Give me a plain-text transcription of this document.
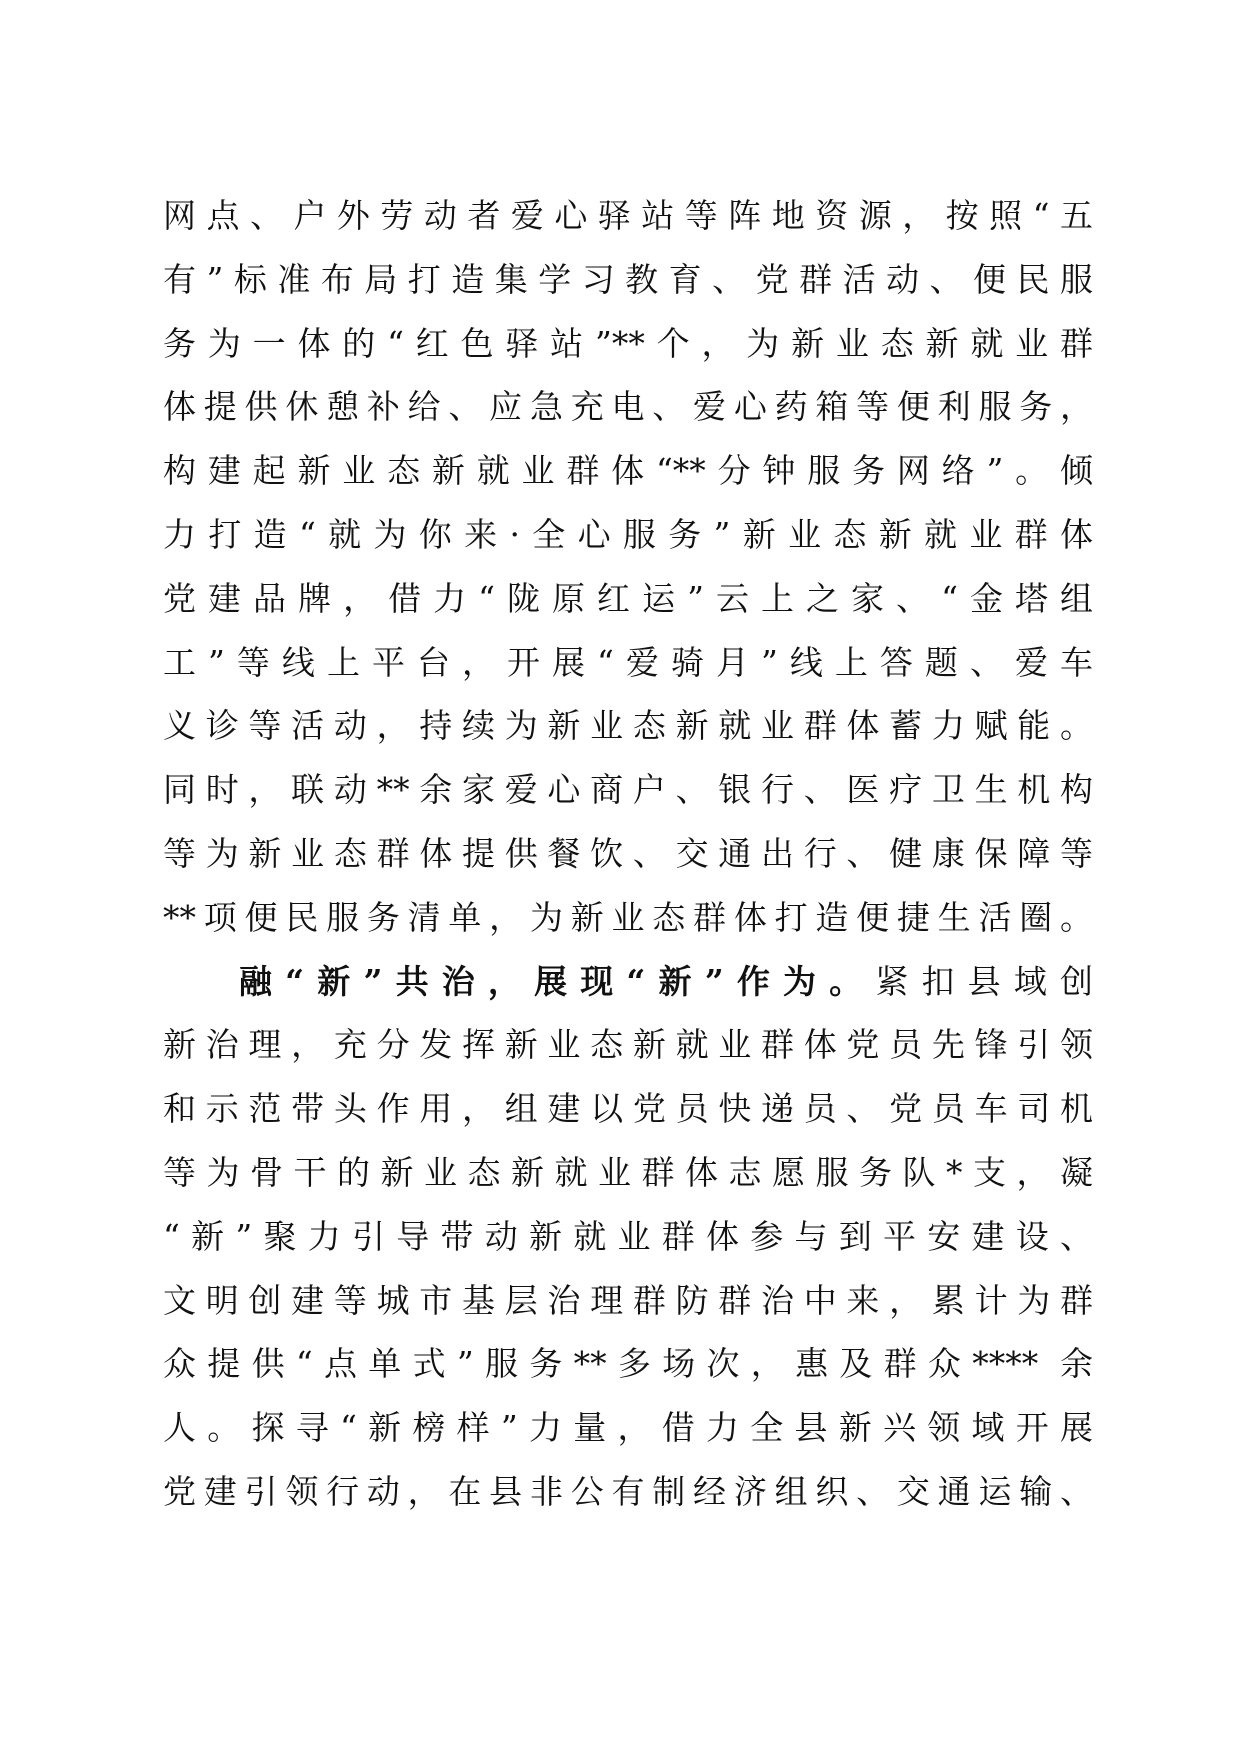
网点、户外劳动者爱心驿站等阵地资源，按照“五
有”标准布局打造集学习教育、党群活动、便民服
务为一体的“红色驿站”**个，为新业态新就业群
体提供休憩补给、应急充电、爱心药箱等便利服务，
构建起新业态新就业群体“**分钟服务网络”。倾
力打造“就为你来·全心服务”新业态新就业群体
党建品牌，借力“陇原红运”云上之家、“金塔组
工”等线上平台，开展“爱骑月”线上答题、爱车
义诊等活动，持续为新业态新就业群体蓄力赋能。
同时，联动**余家爱心商户、银行、医疗卫生机构
等为新业态群体提供餐饮、交通出行、健康保障等
**项便民服务清单，为新业态群体打造便捷生活圈。
融“新”共治，展现“新”作为。紧扣县域创
新治理，充分发挥新业态新就业群体党员先锋引领
和示范带头作用，组建以党员快递员、党员车司机
等为骨干的新业态新就业群体志愿服务队*支，凝
“新”聚力引导带动新就业群体参与到平安建设、
文明创建等城市基层治理群防群治中来，累计为群
众提供“点单式”服务**多场次，惠及群众**** 余
人。探寻“新榜样”力量，借力全县新兴领域开展
党建引领行动，在县非公有制经济组织、交通运输、
